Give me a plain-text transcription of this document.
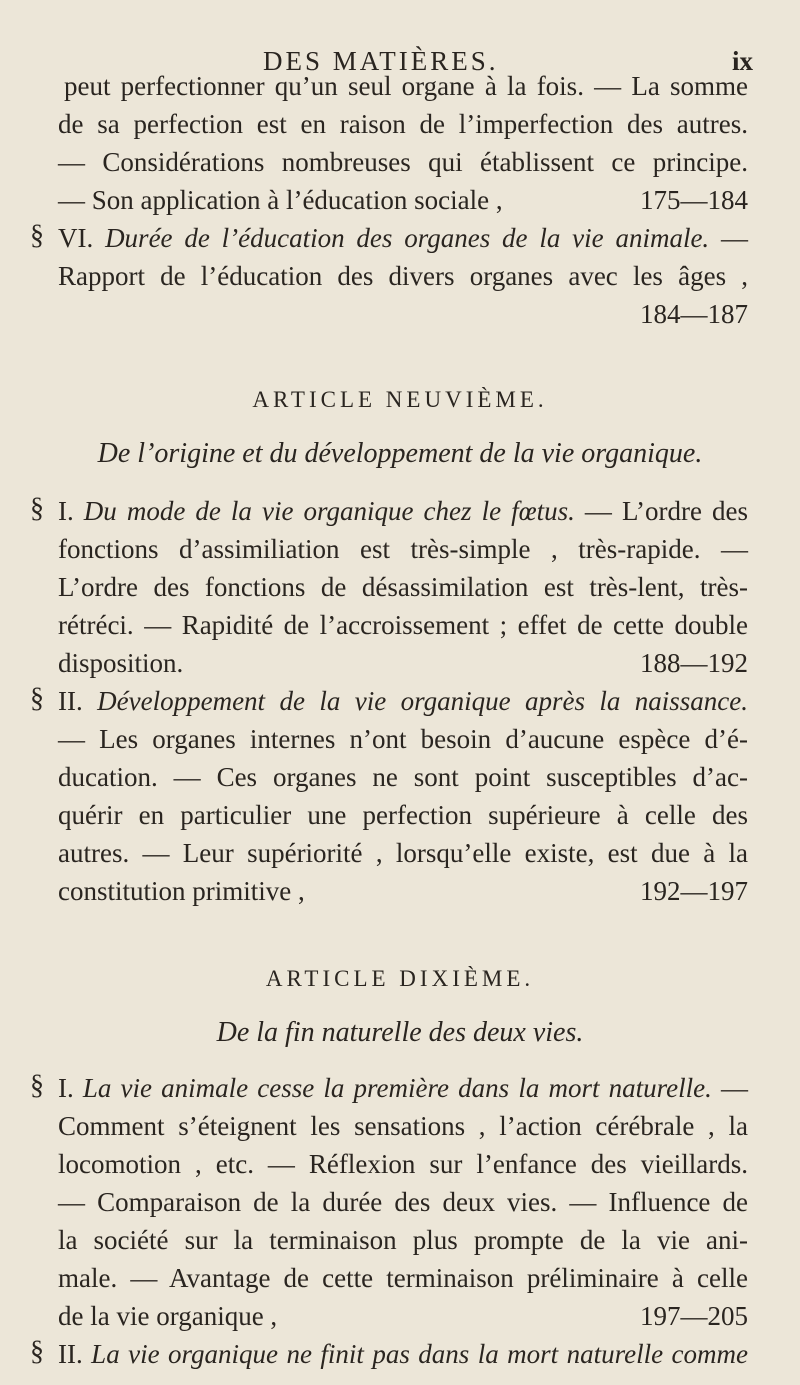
DES MATIÈRES.	ix
peut perfectionner qu’un seul organe à la fois. — La somme
de sa perfection est en raison de l’imperfection des autres.
— Considérations nombreuses qui établissent ce principe.
175—184
— Son application à l’éducation sociale ,
§ VI. Durée de l’éducation des organes de la vie animale. —
Rapport de l’éducation des divers organes avec les âges ,
184—187
§ I. Du mode de la vie organique chez le fœtus. — L’ordre des
fonctions d’assimiliation est très-simple , très-rapide. —
L’ordre des fonctions de désassimilation est très-lent, très-
rétréci. — Rapidité de l’accroissement ; effet de cette double
188—192
disposition.
§ II. Développement de la vie organique après la naissance.
— Les organes internes n’ont besoin d’aucune espèce d’é-
ducation. — Ces organes ne sont point susceptibles d’ac-
quérir en particulier une perfection supérieure à celle des
autres. — Leur supériorité , lorsqu’elle existe, est due à la
192—197
constitution primitive ,
§ I. La vie animale cesse la première dans la mort naturelle. —
Comment s’éteignent les sensations , l’action cérébrale , la
locomotion , etc. — Réflexion sur l’enfance des vieillards.
— Comparaison de la durée des deux vies. — Influence de
la société sur la terminaison plus prompte de la vie ani-
male. — Avantage de cette terminaison préliminaire à celle
197—205
de la vie organique ,
§ II. La vie organique ne finit pas dans la mort naturelle comme
ARTICLE NEUVIÈME.
De l’origine et du développement de la vie organique.
ARTICLE DIXIÈME.
De la fin naturelle des deux vies.
